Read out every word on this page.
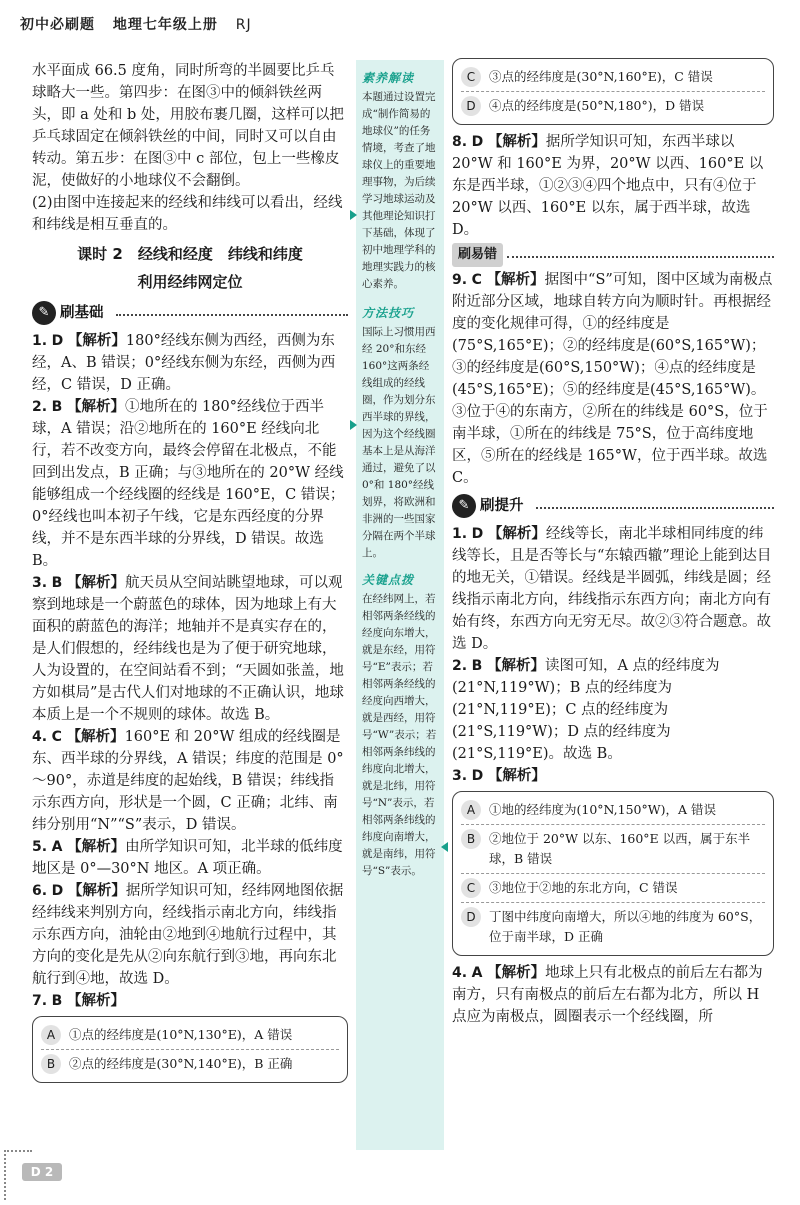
初中必刷题 地理七年级上册 RJ

水平面成 66.5 度角，同时所弯的半圆要比乒乓球略大一些。第四步：在图③中的倾斜铁丝两头，即 a 处和 b 处，用胶布裹几圈，这样可以把乒乓球固定在倾斜铁丝的中间，同时又可以自由转动。第五步：在图③中 c 部位，包上一些橡皮泥，使做好的小地球仪不会翻倒。

(2)由图中连接起来的经线和纬线可以看出，经线和纬线是相互垂直的。

课时 2　经线和经度　纬线和纬度
利用经纬网定位
✎ 刷基础
1. D 【解析】180°经线东侧为西经，西侧为东经，A、B 错误；0°经线东侧为东经，西侧为西经，C 错误，D 正确。
2. B 【解析】①地所在的 180°经线位于西半球，A 错误；沿②地所在的 160°E 经线向北行，若不改变方向，最终会停留在北极点，不能回到出发点，B 正确；与③地所在的 20°W 经线能够组成一个经线圈的经线是 160°E，C 错误；0°经线也叫本初子午线，它是东西经度的分界线，并不是东西半球的分界线，D 错误。故选 B。
3. B 【解析】航天员从空间站眺望地球，可以观察到地球是一个蔚蓝色的球体，因为地球上有大面积的蔚蓝色的海洋；地轴并不是真实存在的，是人们假想的，经纬线也是为了便于研究地球，人为设置的，在空间站看不到；“天圆如张盖，地方如棋局”是古代人们对地球的不正确认识，地球本质上是一个不规则的球体。故选 B。
4. C 【解析】160°E 和 20°W 组成的经线圈是东、西半球的分界线，A 错误；纬度的范围是 0°～90°，赤道是纬度的起始线，B 错误；纬线指示东西方向，形状是一个圆，C 正确；北纬、南纬分别用“N”“S”表示，D 错误。
5. A 【解析】由所学知识可知，北半球的低纬度地区是 0°—30°N 地区。A 项正确。
6. D 【解析】据所学知识可知，经纬网地图依据经纬线来判别方向，经线指示南北方向，纬线指示东西方向，油轮由②地到④地航行过程中，其方向的变化是先从②向东航行到③地，再向东北航行到④地，故选 D。
7. B 【解析】
A	①点的经纬度是(10°N,130°E)，A 错误
B	②点的经纬度是(30°N,140°E)，B 正确
素养解读

本题通过设置完成“制作简易的地球仪”的任务情境，考查了地球仪上的重要地理事物，为后续学习地球运动及其他理论知识打下基础，体现了初中地理学科的地理实践力的核心素养。

方法技巧

国际上习惯用西经 20°和东经 160°这两条经线组成的经线圈，作为划分东西半球的界线，因为这个经线圈基本上是从海洋通过，避免了以 0°和 180°经线划界，将欧洲和非洲的一些国家分隔在两个半球上。

关键点拨

在经纬网上，若相邻两条经线的经度向东增大，就是东经，用符号“E”表示；若相邻两条经线的经度向西增大，就是西经，用符号“W”表示；若相邻两条纬线的纬度向北增大，就是北纬，用符号“N”表示，若相邻两条纬线的纬度向南增大，就是南纬，用符号“S”表示。

C	③点的经纬度是(30°N,160°E)，C 错误
D	④点的经纬度是(50°N,180°)，D 错误
8. D 【解析】据所学知识可知，东西半球以 20°W 和 160°E 为界，20°W 以西、160°E 以东是西半球，①②③④四个地点中，只有④位于 20°W 以西、160°E 以东，属于西半球，故选 D。
刷易错
9. C 【解析】据图中“S”可知，图中区域为南极点附近部分区域，地球自转方向为顺时针。再根据经度的变化规律可得，①的经纬度是(75°S,165°E)；②的经纬度是(60°S,165°W)；③的经纬度是(60°S,150°W)；④点的经纬度是(45°S,165°E)；⑤的经纬度是(45°S,165°W)。③位于④的东南方，②所在的纬线是 60°S，位于南半球，①所在的纬线是 75°S，位于高纬度地区，⑤所在的经线是 165°W，位于西半球。故选 C。
✎ 刷提升
1. D 【解析】经线等长，南北半球相同纬度的纬线等长，且是否等长与“东辕西辙”理论上能到达目的地无关，①错误。经线是半圆弧，纬线是圆；经线指示南北方向，纬线指示东西方向；南北方向有始有终，东西方向无穷无尽。故②③符合题意。故选 D。
2. B 【解析】读图可知，A 点的经纬度为(21°N,119°W)；B 点的经纬度为(21°N,119°E)；C 点的经纬度为(21°S,119°W)；D 点的经纬度为(21°S,119°E)。故选 B。
3. D 【解析】
A	①地的经纬度为(10°N,150°W)，A 错误
B	②地位于 20°W 以东、160°E 以西，属于东半球，B 错误
C	③地位于②地的东北方向，C 错误
D	丁图中纬度向南增大，所以④地的纬度为 60°S，位于南半球，D 正确
4. A 【解析】地球上只有北极点的前后左右都为南方，只有南极点的前后左右都为北方，所以 H 点应为南极点，圆圈表示一个经线圈，所
D 2
